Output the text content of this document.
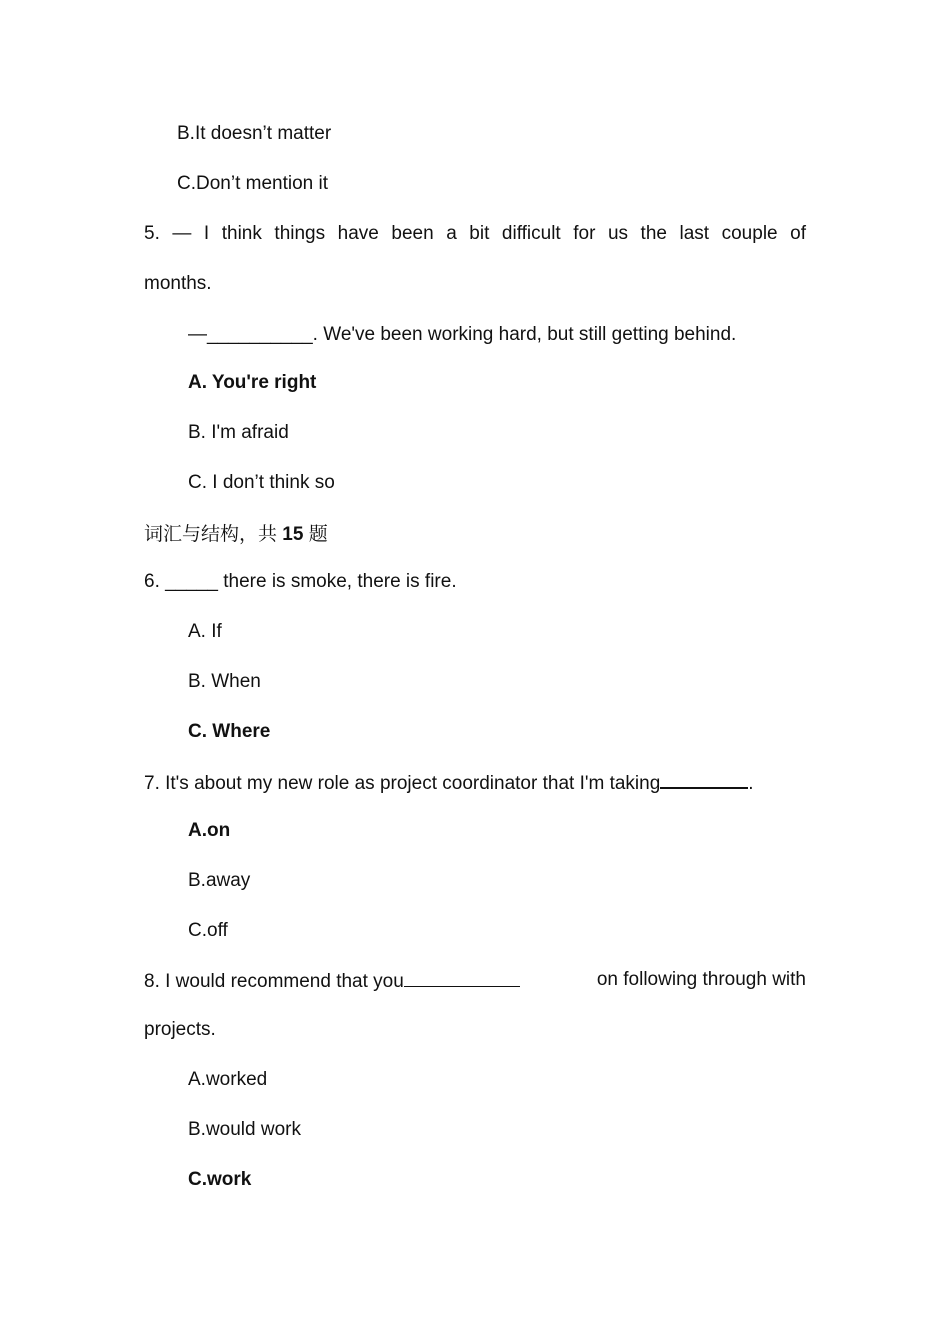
B.It doesn’t matter
C.Don’t mention it
5. — I think things have been a bit difficult for us the last couple of
months.
—__________. We've been working hard, but still getting behind.
A. You're right
B. I'm afraid
C. I don’t think so
词汇与结构，共 15 题
6. _____ there is smoke, there is fire.
A. If
B. When
C. Where
7. It's about my new role as project coordinator that I'm taking	.
A.on
B.away
C.off
8. I would recommend that you	on following through with
projects.
A.worked
B.would work
C.work
